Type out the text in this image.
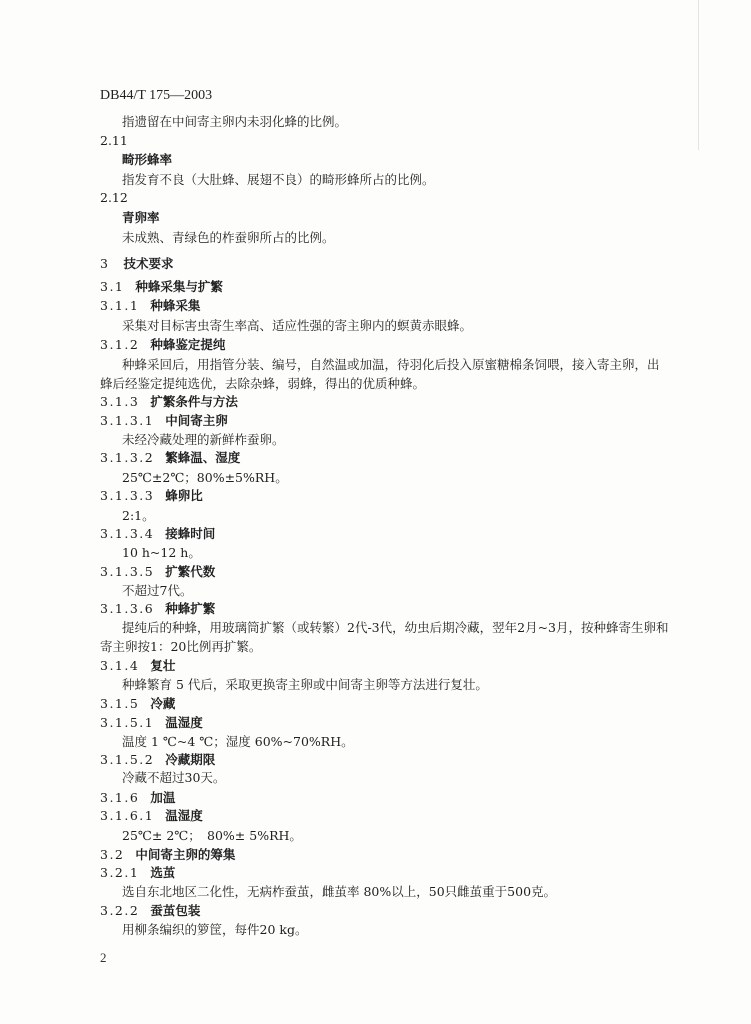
DB44/T 175—2003
指遗留在中间寄主卵内未羽化蜂的比例。
2.11
畸形蜂率
指发育不良（大肚蜂、展翅不良）的畸形蜂所占的比例。
2.12
青卵率
未成熟、青绿色的柞蚕卵所占的比例。
3 技术要求
3.1 种蜂采集与扩繁
3.1.1 种蜂采集
采集对目标害虫寄生率高、适应性强的寄主卵内的螟黄赤眼蜂。
3.1.2 种蜂鉴定提纯
种蜂采回后，用指管分装、编号，自然温或加温，待羽化后投入原蜜糖棉条饲喂，接入寄主卵，出
蜂后经鉴定提纯选优，去除杂蜂，弱蜂，得出的优质种蜂。
3.1.3 扩繁条件与方法
3.1.3.1 中间寄主卵
未经冷藏处理的新鲜柞蚕卵。
3.1.3.2 繁蜂温、湿度
25℃±2℃；80%±5%RH。
3.1.3.3 蜂卵比
2:1。
3.1.3.4 接蜂时间
10 h~12 h。
3.1.3.5 扩繁代数
不超过7代。
3.1.3.6 种蜂扩繁
提纯后的种蜂，用玻璃筒扩繁（或转繁）2代-3代，幼虫后期冷藏，翌年2月~3月，按种蜂寄生卵和
寄主卵按1：20比例再扩繁。
3.1.4 复壮
种蜂繁育 5 代后，采取更换寄主卵或中间寄主卵等方法进行复壮。
3.1.5 冷藏
3.1.5.1 温湿度
温度 1 ℃~4 ℃；湿度 60%~70%RH。
3.1.5.2 冷藏期限
冷藏不超过30天。
3.1.6 加温
3.1.6.1 温湿度
25℃± 2℃；　80%± 5%RH。
3.2 中间寄主卵的筹集
3.2.1 选茧
选自东北地区二化性，无病柞蚕茧，雌茧率 80%以上，50只雌茧重于500克。
3.2.2 蚕茧包装
用柳条编织的箩筐，每件20 kg。
2
